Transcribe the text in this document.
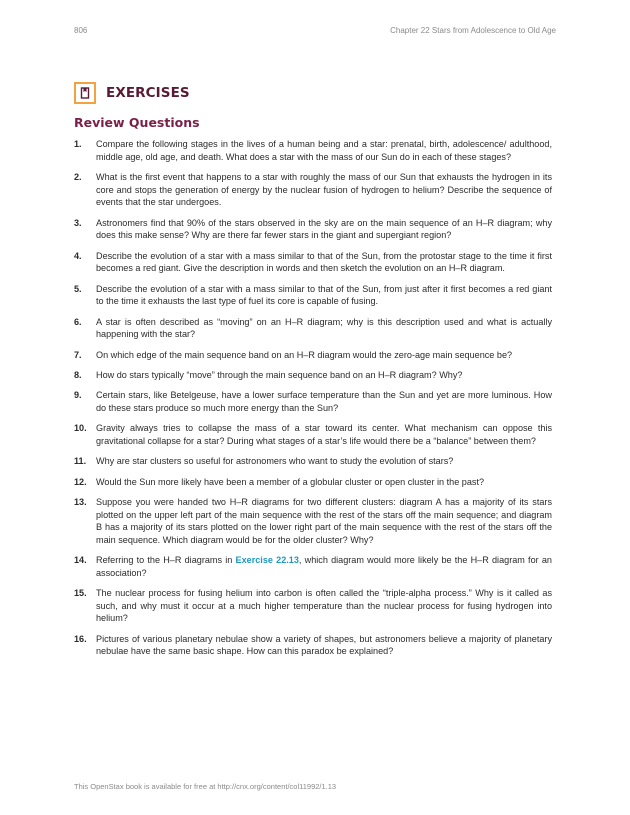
806	Chapter 22 Stars from Adolescence to Old Age
EXERCISES
Review Questions
1. Compare the following stages in the lives of a human being and a star: prenatal, birth, adolescence/ adulthood, middle age, old age, and death. What does a star with the mass of our Sun do in each of these stages?
2. What is the first event that happens to a star with roughly the mass of our Sun that exhausts the hydrogen in its core and stops the generation of energy by the nuclear fusion of hydrogen to helium? Describe the sequence of events that the star undergoes.
3. Astronomers find that 90% of the stars observed in the sky are on the main sequence of an H–R diagram; why does this make sense? Why are there far fewer stars in the giant and supergiant region?
4. Describe the evolution of a star with a mass similar to that of the Sun, from the protostar stage to the time it first becomes a red giant. Give the description in words and then sketch the evolution on an H–R diagram.
5. Describe the evolution of a star with a mass similar to that of the Sun, from just after it first becomes a red giant to the time it exhausts the last type of fuel its core is capable of fusing.
6. A star is often described as “moving” on an H–R diagram; why is this description used and what is actually happening with the star?
7. On which edge of the main sequence band on an H–R diagram would the zero-age main sequence be?
8. How do stars typically “move” through the main sequence band on an H–R diagram? Why?
9. Certain stars, like Betelgeuse, have a lower surface temperature than the Sun and yet are more luminous. How do these stars produce so much more energy than the Sun?
10. Gravity always tries to collapse the mass of a star toward its center. What mechanism can oppose this gravitational collapse for a star? During what stages of a star’s life would there be a “balance” between them?
11. Why are star clusters so useful for astronomers who want to study the evolution of stars?
12. Would the Sun more likely have been a member of a globular cluster or open cluster in the past?
13. Suppose you were handed two H–R diagrams for two different clusters: diagram A has a majority of its stars plotted on the upper left part of the main sequence with the rest of the stars off the main sequence; and diagram B has a majority of its stars plotted on the lower right part of the main sequence with the rest of the stars off the main sequence. Which diagram would be for the older cluster? Why?
14. Referring to the H–R diagrams in Exercise 22.13, which diagram would more likely be the H–R diagram for an association?
15. The nuclear process for fusing helium into carbon is often called the “triple-alpha process.” Why is it called as such, and why must it occur at a much higher temperature than the nuclear process for fusing hydrogen into helium?
16. Pictures of various planetary nebulae show a variety of shapes, but astronomers believe a majority of planetary nebulae have the same basic shape. How can this paradox be explained?
This OpenStax book is available for free at http://cnx.org/content/col11992/1.13
